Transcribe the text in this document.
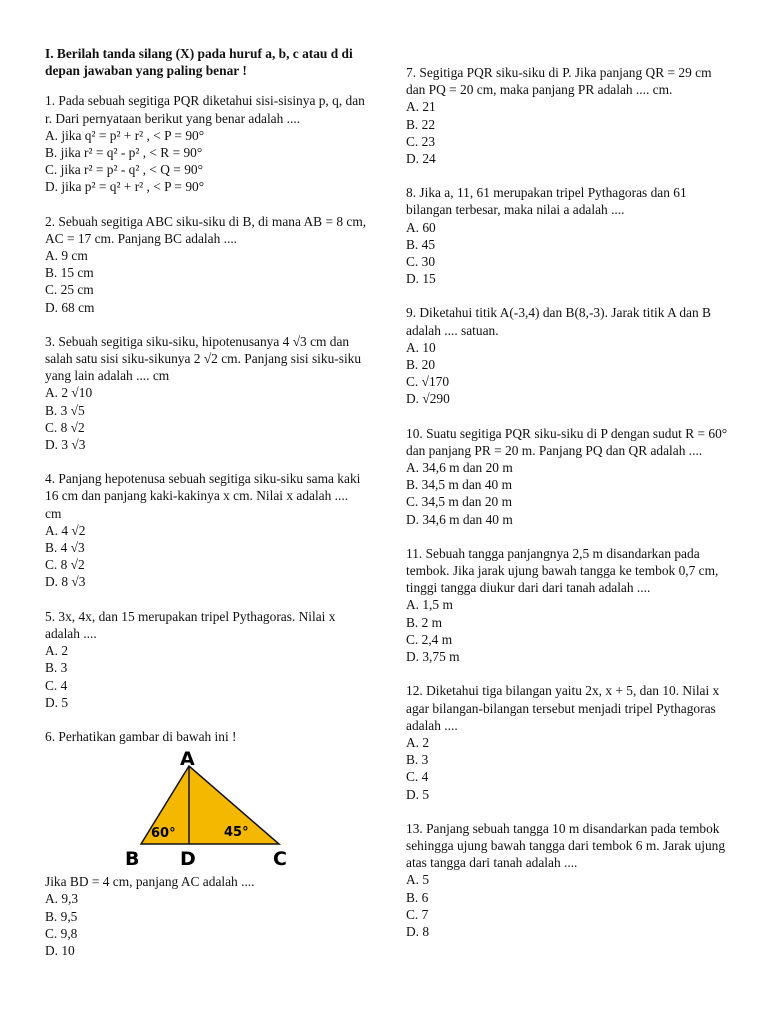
I. Berilah tanda silang (X) pada huruf a, b, c atau d di depan jawaban yang paling benar !

1. Pada sebuah segitiga PQR diketahui sisi-sisinya p, q, dan r. Dari pernyataan berikut yang benar adalah ....

A. jika q² = p² + r² , < P = 90°

B. jika r² = q² - p² , < R = 90°

C. jika r² = p² - q² , < Q = 90°

D. jika p² = q² + r² , < P = 90°

2. Sebuah segitiga ABC siku-siku di B, di mana AB = 8 cm, AC = 17 cm. Panjang BC adalah ....

A. 9 cm

B. 15 cm

C. 25 cm

D. 68 cm

3. Sebuah segitiga siku-siku, hipotenusanya 4 √3 cm dan salah satu sisi siku-sikunya 2 √2 cm. Panjang sisi siku-siku yang lain adalah .... cm

A. 2 √10

B. 3 √5

C. 8 √2

D. 3 √3

4. Panjang hepotenusa sebuah segitiga siku-siku sama kaki 16 cm dan panjang kaki-kakinya x cm. Nilai x adalah .... cm

A. 4 √2

B. 4 √3

C. 8 √2

D. 8 √3

5. 3x, 4x, dan 15 merupakan tripel Pythagoras. Nilai x adalah ....

A. 2

B. 3

C. 4

D. 5

6. Perhatikan gambar di bawah ini !

A
B D	C
60°	45°

Jika BD = 4 cm, panjang AC adalah ....

A. 9,3

B. 9,5

C. 9,8

D. 10

7. Segitiga PQR siku-siku di P. Jika panjang QR = 29 cm dan PQ = 20 cm, maka panjang PR adalah .... cm.

A. 21

B. 22

C. 23

D. 24

8. Jika a, 11, 61 merupakan tripel Pythagoras dan 61 bilangan terbesar, maka nilai a adalah ....

A. 60

B. 45

C. 30

D. 15

9. Diketahui titik A(-3,4) dan B(8,-3). Jarak titik A dan B adalah .... satuan.

A. 10

B. 20

C. √170

D. √290

10. Suatu segitiga PQR siku-siku di P dengan sudut R = 60° dan panjang PR = 20 m. Panjang PQ dan QR adalah ....

A. 34,6 m dan 20 m

B. 34,5 m dan 40 m

C. 34,5 m dan 20 m

D. 34,6 m dan 40 m

11. Sebuah tangga panjangnya 2,5 m disandarkan pada tembok. Jika jarak ujung bawah tangga ke tembok 0,7 cm, tinggi tangga diukur dari dari tanah adalah ....

A. 1,5 m

B. 2 m

C. 2,4 m

D. 3,75 m

12. Diketahui tiga bilangan yaitu 2x, x + 5, dan 10. Nilai x agar bilangan-bilangan tersebut menjadi tripel Pythagoras adalah ....

A. 2

B. 3

C. 4

D. 5

13. Panjang sebuah tangga 10 m disandarkan pada tembok sehingga ujung bawah tangga dari tembok 6 m. Jarak ujung atas tangga dari tanah adalah ....

A. 5

B. 6

C. 7

D. 8
